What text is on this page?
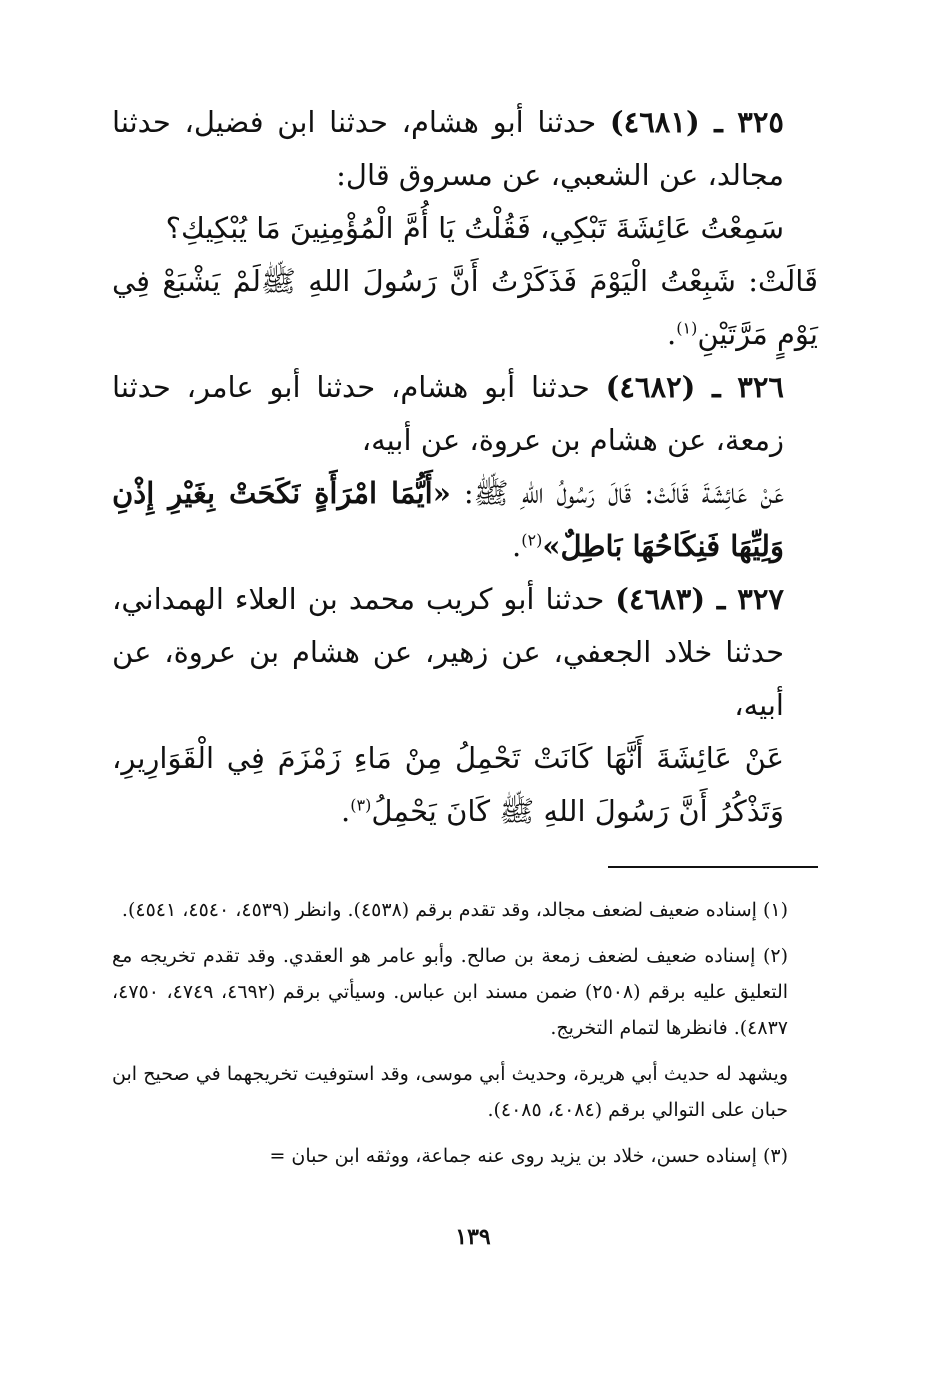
٣٢٥ ـ (٤٦٨١) حدثنا أبو هشام، حدثنا ابن فضيل، حدثنا مجالد، عن الشعبي، عن مسروق قال:

سَمِعْتُ عَائِشَةَ تَبْكِي، فَقُلْتُ يَا أُمَّ الْمُؤْمِنِينَ مَا يُبْكِيكِ؟

قَالَتْ: شَبِعْتُ الْيَوْمَ فَذَكَرْتُ أَنَّ رَسُولَ اللهِ ﷺلَمْ يَشْبَعْ فِي يَوْمٍ مَرَّتَيْنِ$^{(١)}$.

٣٢٦ ـ (٤٦٨٢) حدثنا أبو هشام، حدثنا أبو عامر، حدثنا زمعة، عن هشام بن عروة، عن أبيه،

عَنْ عَائِشَةَ قَالَتْ: قَالَ رَسُولُ اللهِ ﷺ: «أَيُّمَا امْرَأَةٍ نَكَحَتْ بِغَيْرِ إِذْنِ وَلِيِّهَا فَنِكَاحُهَا بَاطِلٌ»$^{(٢)}$.

٣٢٧ ـ (٤٦٨٣) حدثنا أبو كريب محمد بن العلاء الهمداني، حدثنا خلاد الجعفي، عن زهير، عن هشام بن عروة، عن أبيه،

عَنْ عَائِشَةَ أَنَّهَا كَانَتْ تَحْمِلُ مِنْ مَاءِ زَمْزَمَ فِي الْقَوَارِيرِ، وَتَذْكُرُ أَنَّ رَسُولَ اللهِ ﷺ كَانَ يَحْمِلُ$^{(٣)}$.

(١) إسناده ضعيف لضعف مجالد، وقد تقدم برقم (٤٥٣٨). وانظر (٤٥٣٩، ٤٥٤٠، ٤٥٤١).

(٢) إسناده ضعيف لضعف زمعة بن صالح. وأبو عامر هو العقدي. وقد تقدم تخريجه مع التعليق عليه برقم (٢٥٠٨) ضمن مسند ابن عباس. وسيأتي برقم (٤٦٩٢، ٤٧٤٩، ٤٧٥٠، ٤٨٣٧). فانظرها لتمام التخريج.

ويشهد له حديث أبي هريرة، وحديث أبي موسى، وقد استوفيت تخريجهما في صحيح ابن حبان على التوالي برقم (٤٠٨٤، ٤٠٨٥).

(٣) إسناده حسن، خلاد بن يزيد روى عنه جماعة، ووثقه ابن حبان =

١٣٩
